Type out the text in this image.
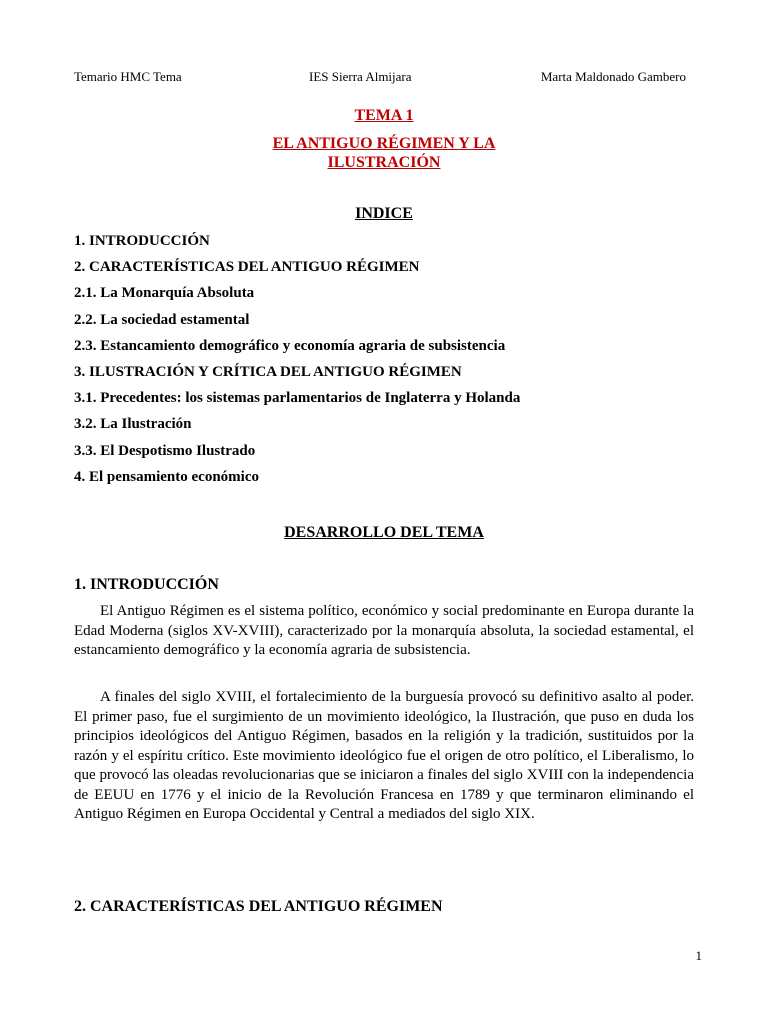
Temario HMC Tema	IES Sierra Almijara	Marta Maldonado Gambero
TEMA 1
EL ANTIGUO RÉGIMEN Y LA ILUSTRACIÓN
INDICE
1. INTRODUCCIÓN
2. CARACTERÍSTICAS DEL ANTIGUO RÉGIMEN
2.1. La Monarquía Absoluta
2.2. La sociedad estamental
2.3. Estancamiento demográfico y economía agraria de subsistencia
3. ILUSTRACIÓN Y CRÍTICA DEL ANTIGUO RÉGIMEN
3.1. Precedentes: los sistemas parlamentarios de Inglaterra y Holanda
3.2. La Ilustración
3.3. El Despotismo Ilustrado
4. El pensamiento económico
DESARROLLO DEL TEMA
1. INTRODUCCIÓN

El Antiguo Régimen es el sistema político, económico y social predominante en Europa durante la Edad Moderna (siglos XV-XVIII), caracterizado por la monarquía absoluta, la sociedad estamental, el estancamiento demográfico y la economía agraria de subsistencia.

A finales del siglo XVIII, el fortalecimiento de la burguesía provocó su definitivo asalto al poder. El primer paso, fue el surgimiento de un movimiento ideológico, la Ilustración, que puso en duda los principios ideológicos del Antiguo Régimen, basados en la religión y la tradición, sustituidos por la razón y el espíritu crítico. Este movimiento ideológico fue el origen de otro político, el Liberalismo, lo que provocó las oleadas revolucionarias que se iniciaron a finales del siglo XVIII con la independencia de EEUU en 1776 y el inicio de la Revolución Francesa en 1789 y que terminaron eliminando el Antiguo Régimen en Europa Occidental y Central a mediados del siglo XIX.

2. CARACTERÍSTICAS DEL ANTIGUO RÉGIMEN
1
